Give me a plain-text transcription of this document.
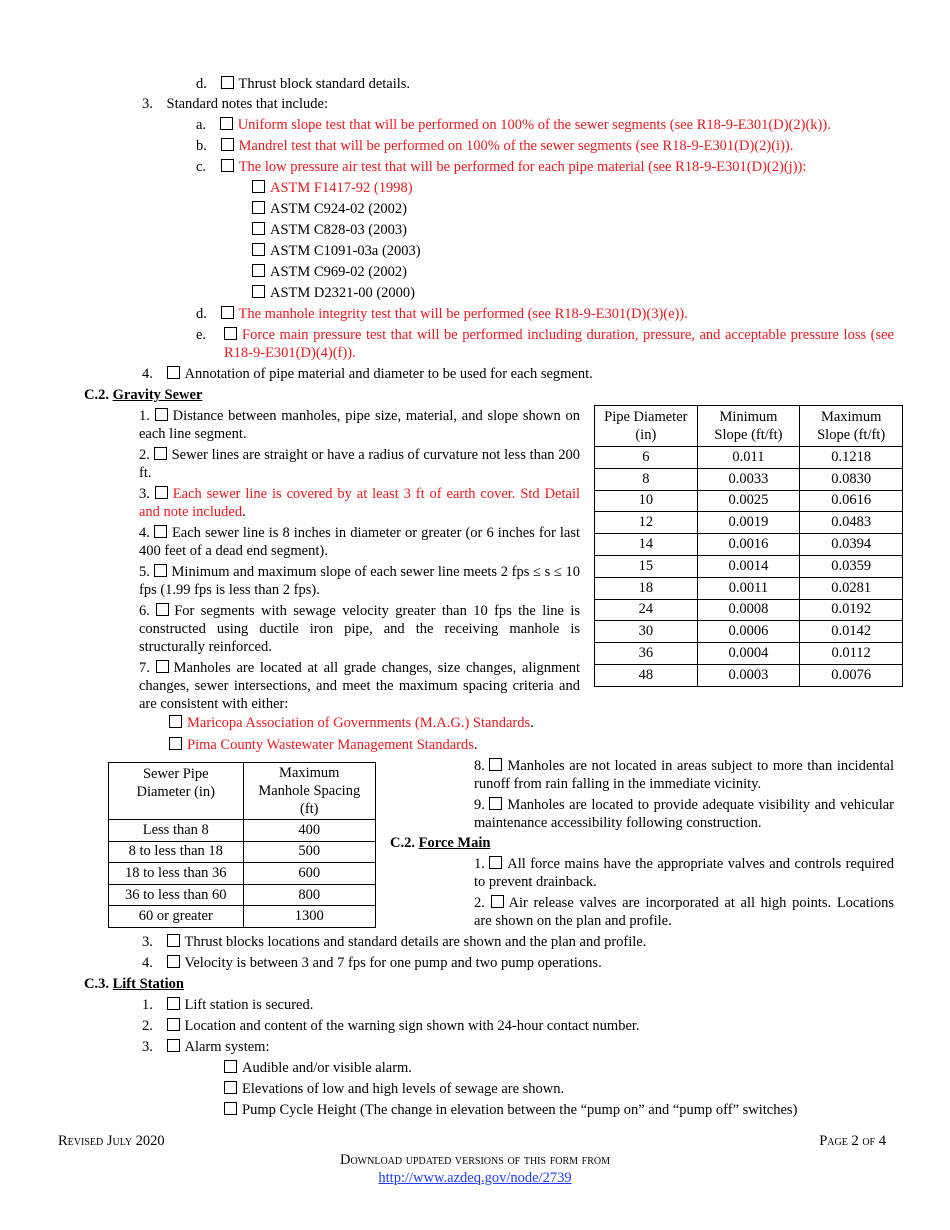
d. Thrust block standard details.
3. Standard notes that include:
a. Uniform slope test that will be performed on 100% of the sewer segments (see R18-9-E301(D)(2)(k)).
b. Mandrel test that will be performed on 100% of the sewer segments (see R18-9-E301(D)(2)(i)).
c. The low pressure air test that will be performed for each pipe material (see R18-9-E301(D)(2)(j)):
ASTM F1417-92 (1998)
ASTM C924-02 (2002)
ASTM C828-03 (2003)
ASTM C1091-03a (2003)
ASTM C969-02 (2002)
ASTM D2321-00 (2000)
d. The manhole integrity test that will be performed (see R18-9-E301(D)(3)(e)).
e.	Force main pressure test that will be performed including duration, pressure, and acceptable pressure loss (see R18-9-E301(D)(4)(f)).
4. Annotation of pipe material and diameter to be used for each segment.
C.2. Gravity Sewer
1. Distance between manholes, pipe size, material, and slope shown on each line segment.
2. Sewer lines are straight or have a radius of curvature not less than 200 ft.
3. Each sewer line is covered by at least 3 ft of earth cover. Std Detail and note included.
4. Each sewer line is 8 inches in diameter or greater (or 6 inches for last 400 feet of a dead end segment).
5. Minimum and maximum slope of each sewer line meets 2 fps ≤ s ≤ 10 fps (1.99 fps is less than 2 fps).
6. For segments with sewage velocity greater than 10 fps the line is constructed using ductile iron pipe, and the receiving manhole is structurally reinforced.
7. Manholes are located at all grade changes, size changes, alignment changes, sewer intersections, and meet the maximum spacing criteria and are consistent with either:
Maricopa Association of Governments (M.A.G.) Standards.
Pima County Wastewater Management Standards.
Pipe Diameter (in)	Minimum Slope (ft/ft)	Maximum Slope (ft/ft)
6	0.011	0.1218
8	0.0033	0.0830
10	0.0025	0.0616
12	0.0019	0.0483
14	0.0016	0.0394
15	0.0014	0.0359
18	0.0011	0.0281
24	0.0008	0.0192
30	0.0006	0.0142
36	0.0004	0.0112
48	0.0003	0.0076
Sewer Pipe Diameter (in)	Maximum Manhole Spacing (ft)
Less than 8	400
8 to less than 18	500
18 to less than 36	600
36 to less than 60	800
60 or greater	1300
8. Manholes are not located in areas subject to more than incidental runoff from rain falling in the immediate vicinity.
9. Manholes are located to provide adequate visibility and vehicular maintenance accessibility following construction.
C.2. Force Main
1. All force mains have the appropriate valves and controls required to prevent drainback.
2. Air release valves are incorporated at all high points. Locations are shown on the plan and profile.
3. Thrust blocks locations and standard details are shown and the plan and profile.
4. Velocity is between 3 and 7 fps for one pump and two pump operations.
C.3. Lift Station
1. Lift station is secured.
2. Location and content of the warning sign shown with 24-hour contact number.
3. Alarm system:
Audible and/or visible alarm.
Elevations of low and high levels of sewage are shown.
Pump Cycle Height (The change in elevation between the “pump on” and “pump off” switches)
Revised July 2020	Page 2 of 4
Download updated versions of this form from
http://www.azdeq.gov/node/2739
